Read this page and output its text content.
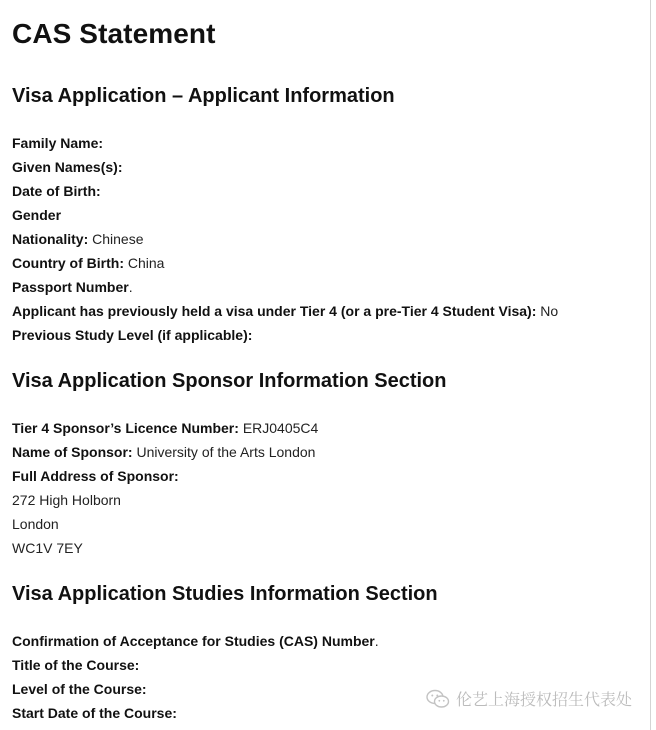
CAS Statement
Visa Application – Applicant Information
Family Name:
Given Names(s):
Date of Birth:
Gender
Nationality: Chinese
Country of Birth: China
Passport Number.
Applicant has previously held a visa under Tier 4 (or a pre-Tier 4 Student Visa): No
Previous Study Level (if applicable):
Visa Application Sponsor Information Section
Tier 4 Sponsor’s Licence Number: ERJ0405C4
Name of Sponsor: University of the Arts London
Full Address of Sponsor:
272 High Holborn
London
WC1V 7EY
Visa Application Studies Information Section
Confirmation of Acceptance for Studies (CAS) Number.
Title of the Course:
Level of the Course:
Start Date of the Course:
伦艺上海授权招生代表处
